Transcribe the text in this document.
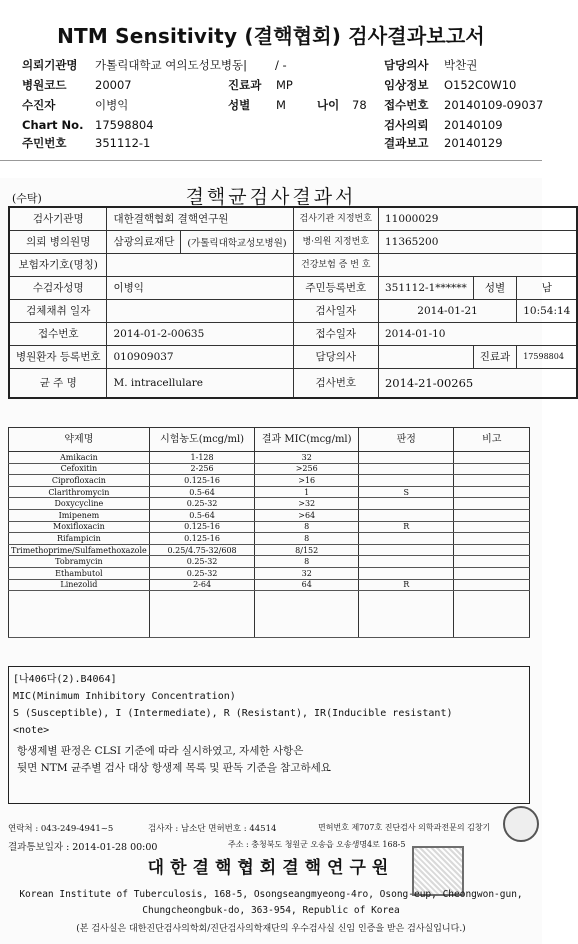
NTM Sensitivity (결핵협회) 검사결과보고서
의뢰기관명 가톨릭대학교 여의도성모병동| / -	담당의사 박찬권
병원코드 20007	진료과 MP	임상정보 O152C0W10
수진자	이병익	성별 M	나이 78 접수번호 20140109-09037
Chart No. 17598804	검사의뢰 20140109
주민번호 351112-1	결과보고 20140129
(수탁)	결핵균검사결과서
검사기관명	대한결핵협회 결핵연구원		검사기관 지정번호	11000029		
의뢰 병의원명	삼광의료재단	(가톨릭대학교성모병원)	병·의원 지정번호	11365200		
보험자기호(명칭)			건강보험 증 번 호			
수검자성명	이병익		주민등록번호	351112-1******	성별	남
검체채취 일자			검사일자	2014-01-21		10:54:14
접수번호	2014-01-2-00635		접수일자	2014-01-10		
병원환자 등록번호	010909037		담당의사		진료과	17598804
균 주 명	M. intracellulare		검사번호	2014-21-00265		
약제명	시험농도(mcg/ml)	결과 MIC(mcg/ml)	판정	비고
Amikacin	1-128	32		
Cefoxitin	2-256	>256		
Ciprofloxacin	0.125-16	>16		
Clarithromycin	0.5-64	1	S	
Doxycycline	0.25-32	>32		
Imipenem	0.5-64	>64		
Moxifloxacin	0.125-16	8	R	
Rifampicin	0.125-16	8		
Trimethoprime/Sulfamethoxazole	0.25/4.75-32/608	8/152		
Tobramycin	0.25-32	8		
Ethambutol	0.25-32	32		
Linezolid	2-64	64	R	

[나406다(2).B4064]
MIC(Minimum Inhibitory Concentration)
S (Susceptible), I (Intermediate), R (Resistant), IR(Inducible resistant)
<note>
항생제별 판정은 CLSI 기준에 따라 실시하였고, 자세한 사항은
뒷면 NTM 균주별 검사 대상 항생제 목록 및 판독 기준을 참고하세요
연락처 : 043-249-4941~5	검사자 : 남소단 면허번호 : 44514	면허번호 제707호 진단검사 의학과전문의 김창기
결과통보일자 : 2014-01-28 00:00	주소 : 충청북도 청원군 오송읍 오송생명4로 168-5
대한결핵협회결핵연구원
Korean Institute of Tuberculosis, 168-5, Osongseangmyeong-4ro, Osong-eup, Cheongwon-gun,
Chungcheongbuk-do, 363-954, Republic of Korea
(본 검사실은 대한진단검사의학회/진단검사의학재단의 우수검사실 신임 인증을 받은 검사실입니다.)
